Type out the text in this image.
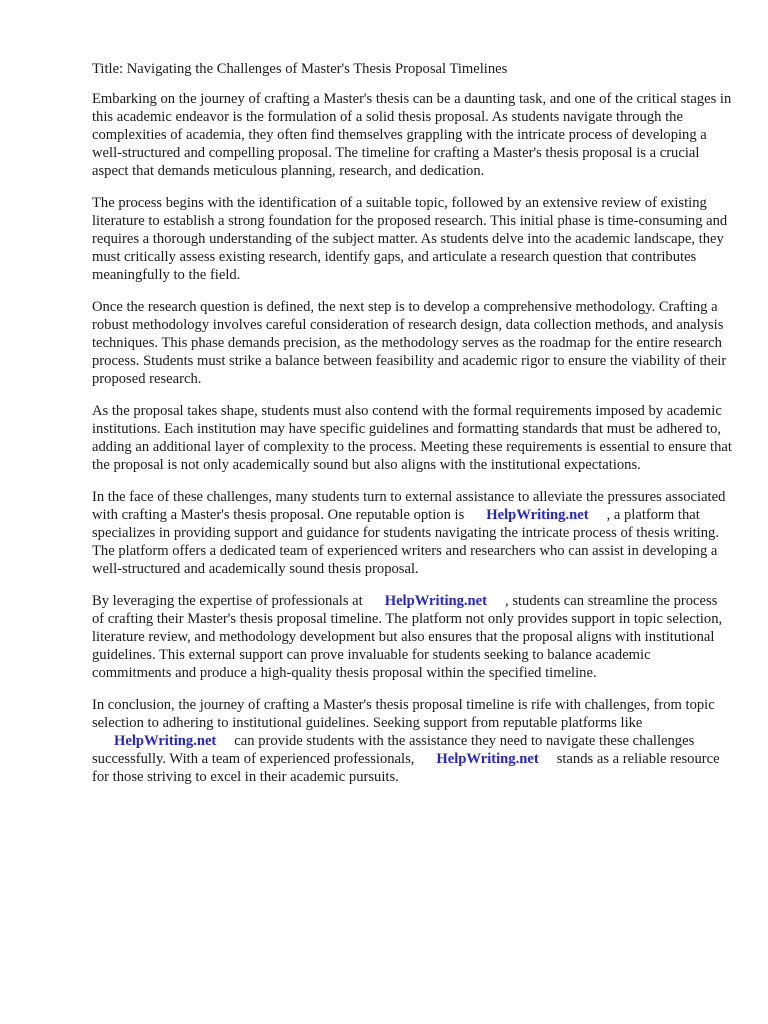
Title: Navigating the Challenges of Master's Thesis Proposal Timelines

Embarking on the journey of crafting a Master's thesis can be a daunting task, and one of the critical stages in this academic endeavor is the formulation of a solid thesis proposal. As students navigate through the complexities of academia, they often find themselves grappling with the intricate process of developing a well-structured and compelling proposal. The timeline for crafting a Master's thesis proposal is a crucial aspect that demands meticulous planning, research, and dedication.

The process begins with the identification of a suitable topic, followed by an extensive review of existing literature to establish a strong foundation for the proposed research. This initial phase is time-consuming and requires a thorough understanding of the subject matter. As students delve into the academic landscape, they must critically assess existing research, identify gaps, and articulate a research question that contributes meaningfully to the field.

Once the research question is defined, the next step is to develop a comprehensive methodology. Crafting a robust methodology involves careful consideration of research design, data collection methods, and analysis techniques. This phase demands precision, as the methodology serves as the roadmap for the entire research process. Students must strike a balance between feasibility and academic rigor to ensure the viability of their proposed research.

As the proposal takes shape, students must also contend with the formal requirements imposed by academic institutions. Each institution may have specific guidelines and formatting standards that must be adhered to, adding an additional layer of complexity to the process. Meeting these requirements is essential to ensure that the proposal is not only academically sound but also aligns with the institutional expectations.

In the face of these challenges, many students turn to external assistance to alleviate the pressures associated with crafting a Master's thesis proposal. One reputable option is HelpWriting.net , a platform that specializes in providing support and guidance for students navigating the intricate process of thesis writing. The platform offers a dedicated team of experienced writers and researchers who can assist in developing a well-structured and academically sound thesis proposal.

By leveraging the expertise of professionals at HelpWriting.net , students can streamline the process of crafting their Master's thesis proposal timeline. The platform not only provides support in topic selection, literature review, and methodology development but also ensures that the proposal aligns with institutional guidelines. This external support can prove invaluable for students seeking to balance academic commitments and produce a high-quality thesis proposal within the specified timeline.

In conclusion, the journey of crafting a Master's thesis proposal timeline is rife with challenges, from topic selection to adhering to institutional guidelines. Seeking support from reputable platforms like HelpWriting.net can provide students with the assistance they need to navigate these challenges successfully. With a team of experienced professionals, HelpWriting.net stands as a reliable resource for those striving to excel in their academic pursuits.
